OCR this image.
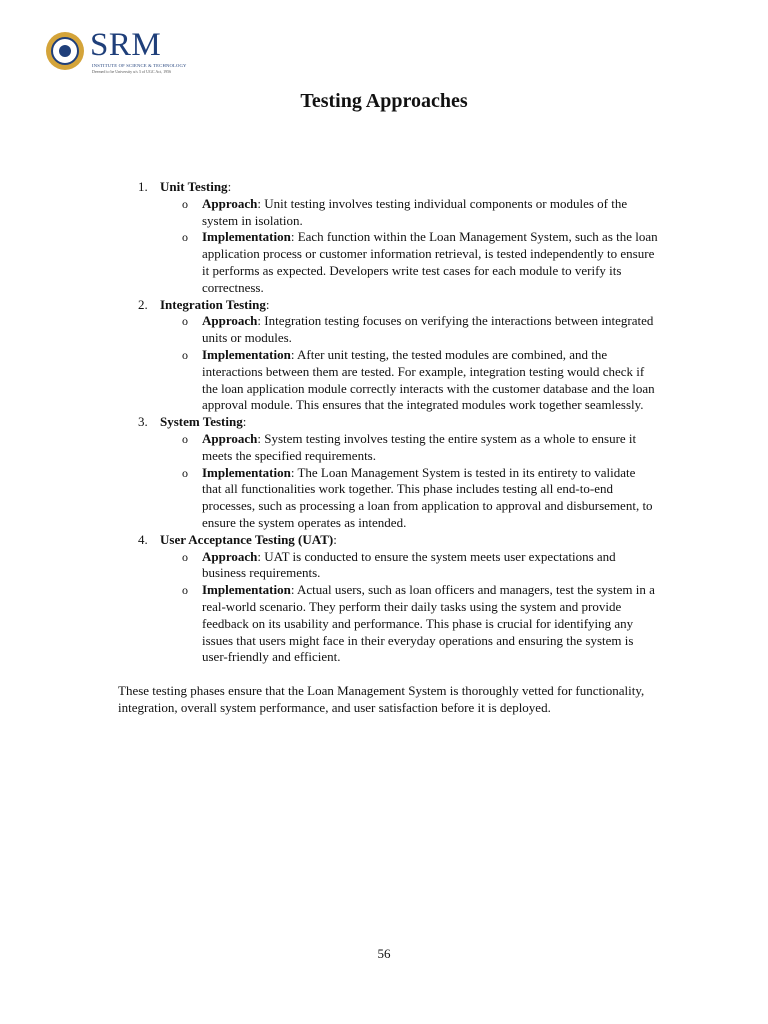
SRM
INSTITUTE OF SCIENCE & TECHNOLOGY
Deemed to be University u/s 3 of UGC Act, 1956
Testing Approaches
1. Unit Testing:
o Approach: Unit testing involves testing individual components or modules of the system in isolation.
o Implementation: Each function within the Loan Management System, such as the loan application process or customer information retrieval, is tested independently to ensure it performs as expected. Developers write test cases for each module to verify its correctness.
2. Integration Testing:
o Approach: Integration testing focuses on verifying the interactions between integrated units or modules.
o Implementation: After unit testing, the tested modules are combined, and the interactions between them are tested. For example, integration testing would check if the loan application module correctly interacts with the customer database and the loan approval module. This ensures that the integrated modules work together seamlessly.
3. System Testing:
o Approach: System testing involves testing the entire system as a whole to ensure it meets the specified requirements.
o Implementation: The Loan Management System is tested in its entirety to validate that all functionalities work together. This phase includes testing all end-to-end processes, such as processing a loan from application to approval and disbursement, to ensure the system operates as intended.
4. User Acceptance Testing (UAT):
o Approach: UAT is conducted to ensure the system meets user expectations and business requirements.
o Implementation: Actual users, such as loan officers and managers, test the system in a real-world scenario. They perform their daily tasks using the system and provide feedback on its usability and performance. This phase is crucial for identifying any issues that users might face in their everyday operations and ensuring the system is user-friendly and efficient.

These testing phases ensure that the Loan Management System is thoroughly vetted for functionality, integration, overall system performance, and user satisfaction before it is deployed.

56
